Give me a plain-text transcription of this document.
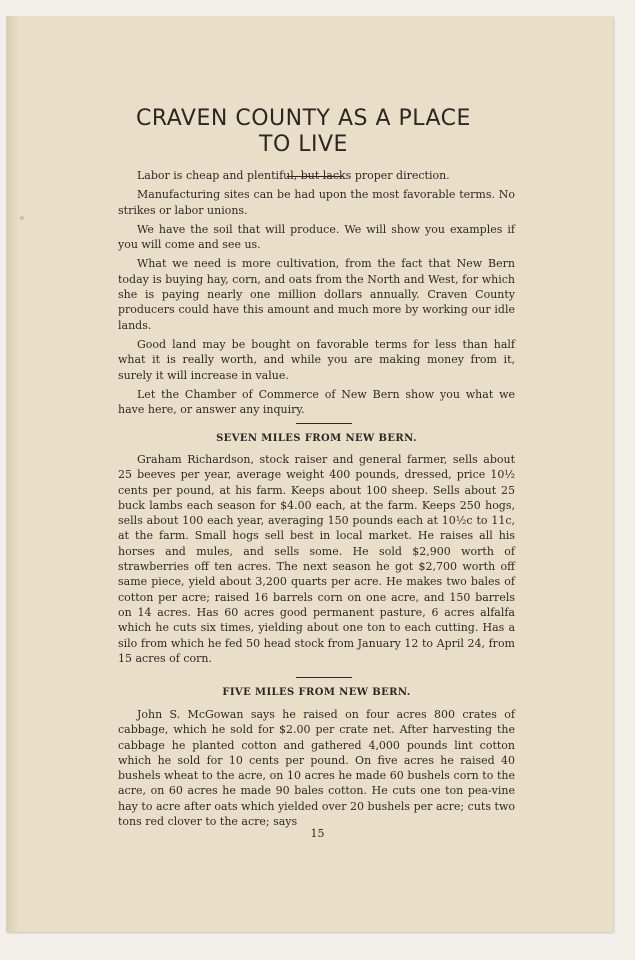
CRAVEN COUNTY AS A PLACE
TO LIVE

Labor is cheap and plentiful, but lacks proper direction.

Manufacturing sites can be had upon the most favorable terms. No strikes or labor unions.

We have the soil that will produce. We will show you examples if you will come and see us.

What we need is more cultivation, from the fact that New Bern today is buying hay, corn, and oats from the North and West, for which she is paying nearly one million dollars annually. Craven County producers could have this amount and much more by working our idle lands.

Good land may be bought on favorable terms for less than half what it is really worth, and while you are making money from it, surely it will increase in value.

Let the Chamber of Commerce of New Bern show you what we have here, or answer any inquiry.

SEVEN MILES FROM NEW BERN.

Graham Richardson, stock raiser and general farmer, sells about 25 beeves per year, average weight 400 pounds, dressed, price 10½ cents per pound, at his farm. Keeps about 100 sheep. Sells about 25 buck lambs each season for $4.00 each, at the farm. Keeps 250 hogs, sells about 100 each year, averaging 150 pounds each at 10½c to 11c, at the farm. Small hogs sell best in local market. He raises all his horses and mules, and sells some. He sold $2,900 worth of strawberries off ten acres. The next season he got $2,700 worth off same piece, yield about 3,200 quarts per acre. He makes two bales of cotton per acre; raised 16 barrels corn on one acre, and 150 barrels on 14 acres. Has 60 acres good permanent pasture, 6 acres alfalfa which he cuts six times, yielding about one ton to each cutting. Has a silo from which he fed 50 head stock from January 12 to April 24, from 15 acres of corn.

FIVE MILES FROM NEW BERN.

John S. McGowan says he raised on four acres 800 crates of cabbage, which he sold for $2.00 per crate net. After harvesting the cabbage he planted cotton and gathered 4,000 pounds lint cotton which he sold for 10 cents per pound. On five acres he raised 40 bushels wheat to the acre, on 10 acres he made 60 bushels corn to the acre, on 60 acres he made 90 bales cotton. He cuts one ton pea-vine hay to acre after oats which yielded over 20 bushels per acre; cuts two tons red clover to the acre; says

15
